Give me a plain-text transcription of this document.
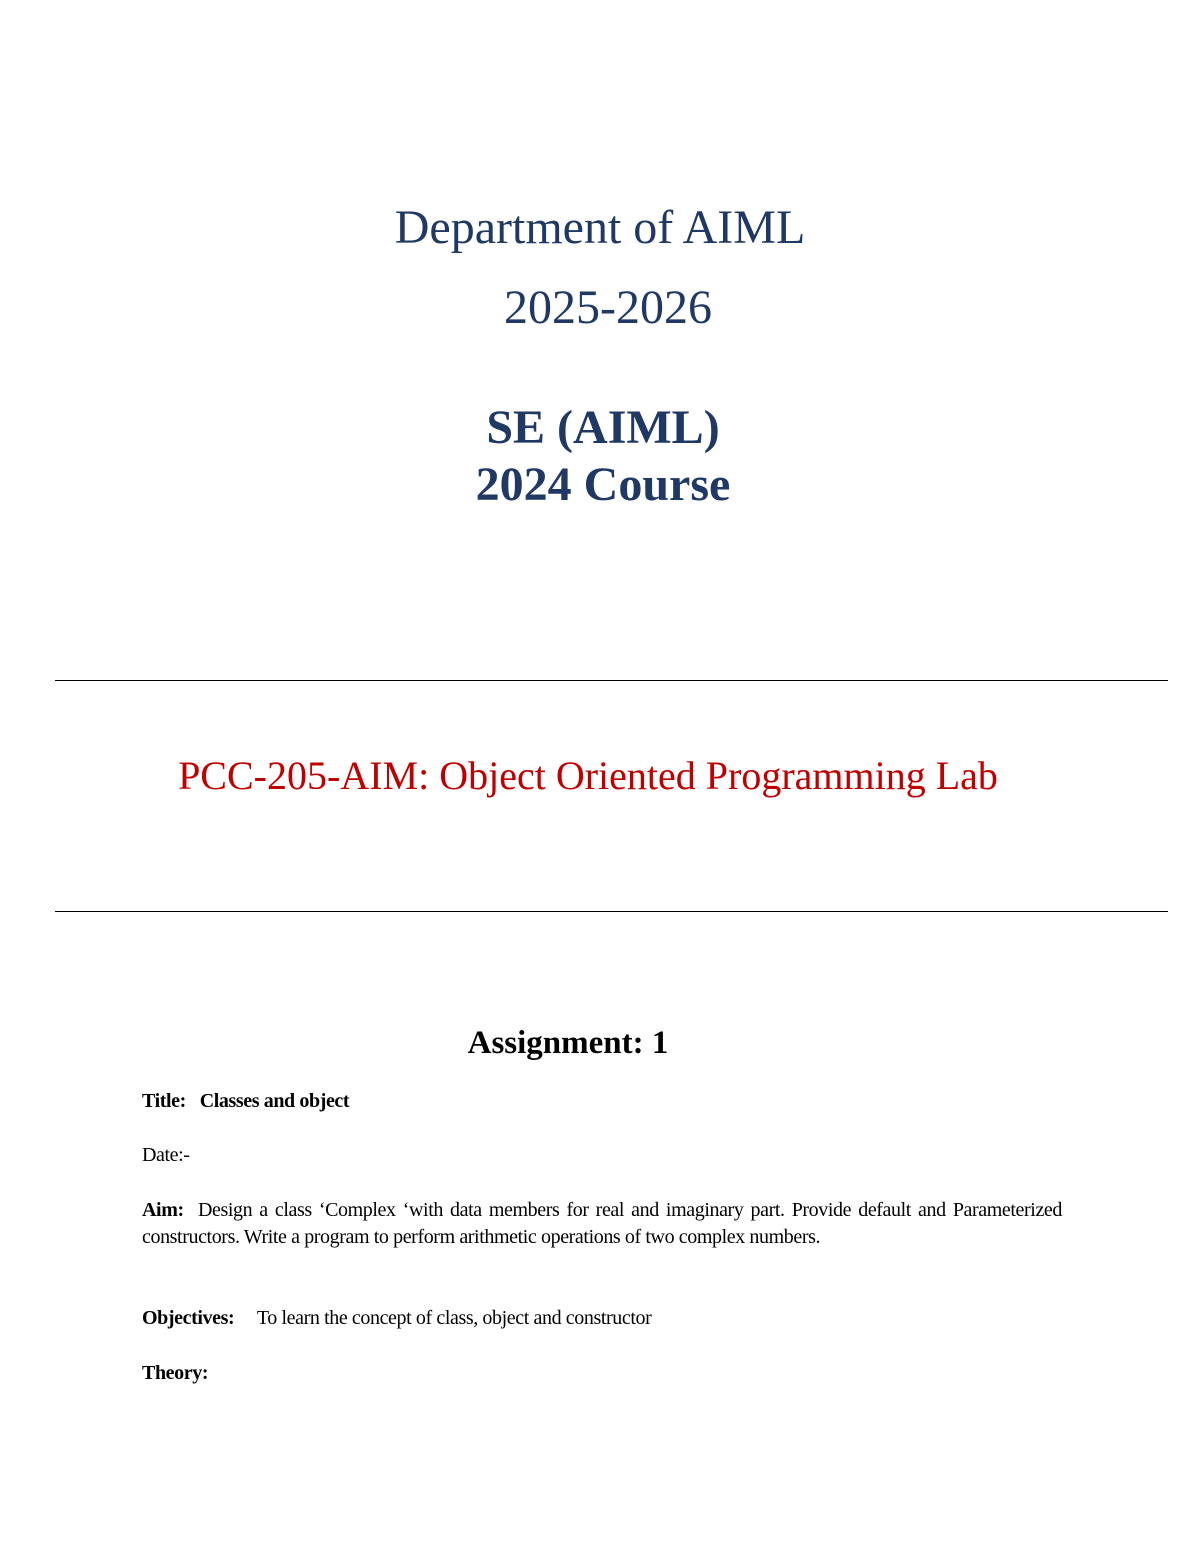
Department of AIML
2025-2026
SE (AIML)
2024 Course
PCC-205-AIM: Object Oriented Programming Lab
Assignment: 1
Title: Classes and object
Date:-
Aim: Design a class ‘Complex ‘with data members for real and imaginary part. Provide default and Parameterized constructors. Write a program to perform arithmetic operations of two complex numbers.
Objectives: To learn the concept of class, object and constructor
Theory:
